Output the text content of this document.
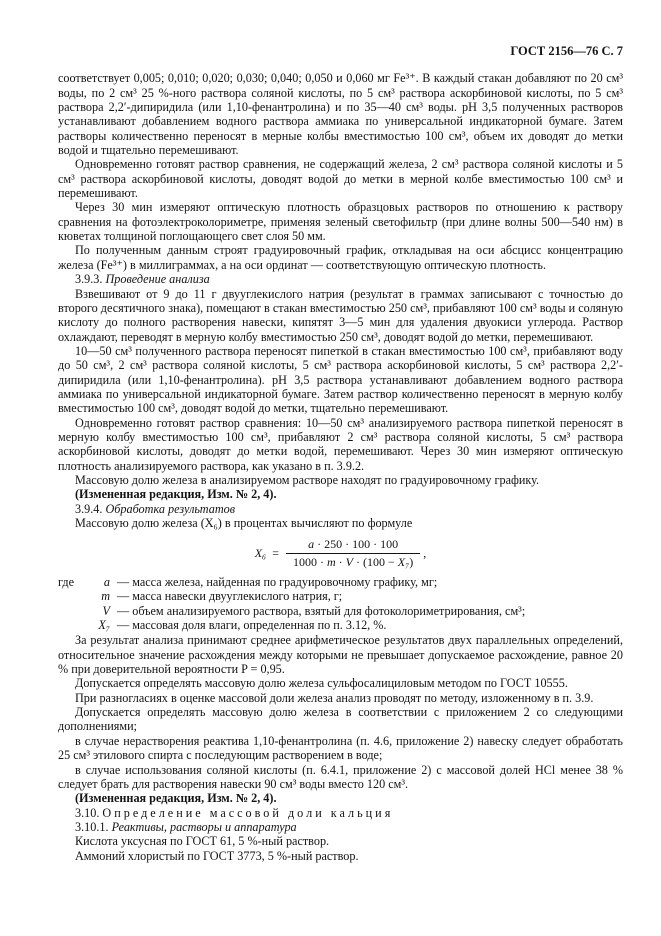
ГОСТ 2156—76 С. 7

соответствует 0,005; 0,010; 0,020; 0,030; 0,040; 0,050 и 0,060 мг Fe³⁺. В каждый стакан добавляют по 20 см³ воды, по 2 см³ 25 %-ного раствора соляной кислоты, по 5 см³ раствора аскорбиновой кислоты, по 5 см³ раствора 2,2′-дипиридила (или 1,10-фенантролина) и по 35—40 см³ воды. рН 3,5 полученных растворов устанавливают добавлением водного раствора аммиака по универсальной индикаторной бумаге. Затем растворы количественно переносят в мерные колбы вместимостью 100 см³, объем их доводят до метки водой и тщательно перемешивают.

Одновременно готовят раствор сравнения, не содержащий железа, 2 см³ раствора соляной кислоты и 5 см³ раствора аскорбиновой кислоты, доводят водой до метки в мерной колбе вместимостью 100 см³ и перемешивают.

Через 30 мин измеряют оптическую плотность образцовых растворов по отношению к раствору сравнения на фотоэлектроколориметре, применяя зеленый светофильтр (при длине волны 500—540 нм) в кюветах толщиной поглощающего свет слоя 50 мм.

По полученным данным строят градуировочный график, откладывая на оси абсцисс концентрацию железа (Fe³⁺) в миллиграммах, а на оси ординат — соответствующую оптическую плотность.

3.9.3. Проведение анализа

Взвешивают от 9 до 11 г двууглекислого натрия (результат в граммах записывают с точностью до второго десятичного знака), помещают в стакан вместимостью 250 см³, прибавляют 100 см³ воды и соляную кислоту до полного растворения навески, кипятят 3—5 мин для удаления двуокиси углерода. Раствор охлаждают, переводят в мерную колбу вместимостью 250 см³, доводят водой до метки, перемешивают.

10—50 см³ полученного раствора переносят пипеткой в стакан вместимостью 100 см³, прибавляют воду до 50 см³, 2 см³ раствора соляной кислоты, 5 см³ раствора аскорбиновой кислоты, 5 см³ раствора 2,2′-дипиридила (или 1,10-фенантролина). рН 3,5 раствора устанавливают добавлением водного раствора аммиака по универсальной индикаторной бумаге. Затем раствор количественно переносят в мерную колбу вместимостью 100 см³, доводят водой до метки, тщательно перемешивают.

Одновременно готовят раствор сравнения: 10—50 см³ анализируемого раствора пипеткой переносят в мерную колбу вместимостью 100 см³, прибавляют 2 см³ раствора соляной кислоты, 5 см³ раствора аскорбиновой кислоты, доводят до метки водой, перемешивают. Через 30 мин измеряют оптическую плотность анализируемого раствора, как указано в п. 3.9.2.

Массовую долю железа в анализируемом растворе находят по градуировочному графику.

(Измененная редакция, Изм. № 2, 4).

3.9.4. Обработка результатов

Массовую долю железа (X₆) в процентах вычисляют по формуле

$X_6 = \frac{a \cdot 250 \cdot 100 \cdot 100}{\text{1000 · m · V · (100 − X₇)}}$ ,
где	a — масса железа, найденная по градуировочному графику, мг;
m — масса навески двууглекислого натрия, г;
V — объем анализируемого раствора, взятый для фотоколориметрирования, см³;
X₇ — массовая доля влаги, определенная по п. 3.12, %.

За результат анализа принимают среднее арифметическое результатов двух параллельных определений, относительное значение расхождения между которыми не превышает допускаемое расхождение, равное 20 % при доверительной вероятности P = 0,95.

Допускается определять массовую долю железа сульфосалициловым методом по ГОСТ 10555.

При разногласиях в оценке массовой доли железа анализ проводят по методу, изложенному в п. 3.9.

Допускается определять массовую долю железа в соответствии с приложением 2 со следующими дополнениями;

в случае нерастворения реактива 1,10-фенантролина (п. 4.6, приложение 2) навеску следует обработать 25 см³ этилового спирта с последующим растворением в воде;

в случае использования соляной кислоты (п. 6.4.1, приложение 2) с массовой долей HCl менее 38 % следует брать для растворения навески 90 см³ воды вместо 120 см³.

(Измененная редакция, Изм. № 2, 4).

3.10. Определение массовой доли кальция

3.10.1. Реактивы, растворы и аппаратура

Кислота уксусная по ГОСТ 61, 5 %-ный раствор.

Аммоний хлористый по ГОСТ 3773, 5 %-ный раствор.
